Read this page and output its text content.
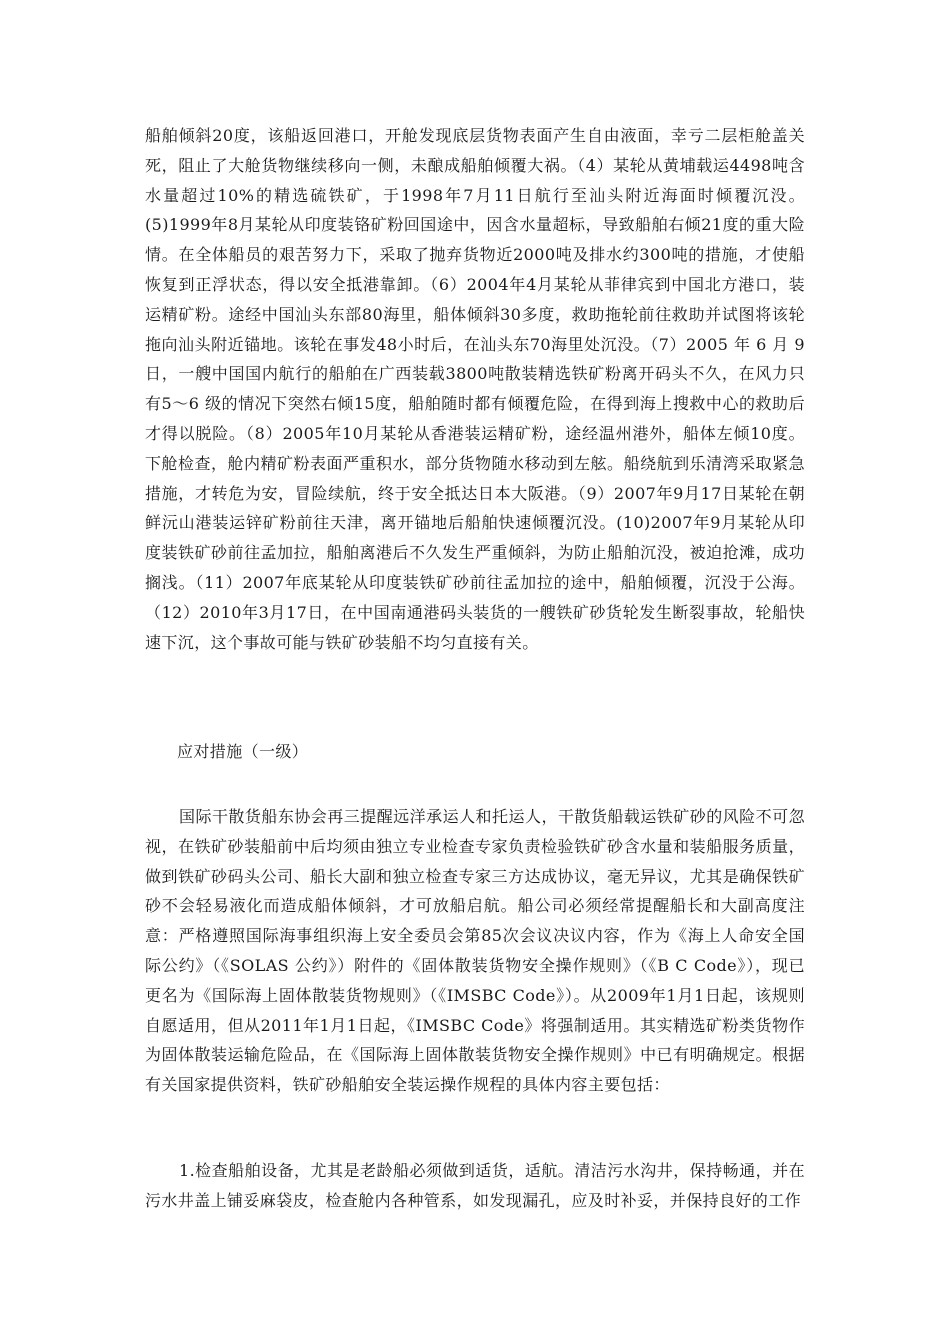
船舶倾斜20度，该船返回港口，开舱发现底层货物表面产生自由液面，幸亏二层柜舱盖关死，阻止了大舱货物继续移向一侧，未酿成船舶倾覆大祸。（4）某轮从黄埔载运4498吨含水量超过10%的精选硫铁矿，于1998年7月11日航行至汕头附近海面时倾覆沉没。(5)1999年8月某轮从印度装铬矿粉回国途中，因含水量超标，导致船舶右倾21度的重大险情。在全体船员的艰苦努力下，采取了抛弃货物近2000吨及排水约300吨的措施，才使船恢复到正浮状态，得以安全抵港靠卸。（6）2004年4月某轮从菲律宾到中国北方港口，装运精矿粉。途经中国汕头东部80海里，船体倾斜30多度，救助拖轮前往救助并试图将该轮拖向汕头附近锚地。该轮在事发48小时后，在汕头东70海里处沉没。（7）2005 年 6 月 9 日，一艘中国国内航行的船舶在广西装载3800吨散装精选铁矿粉离开码头不久，在风力只有5～6 级的情况下突然右倾15度，船舶随时都有倾覆危险，在得到海上搜救中心的救助后才得以脱险。（8）2005年10月某轮从香港装运精矿粉，途经温州港外，船体左倾10度。下舱检查，舱内精矿粉表面严重积水，部分货物随水移动到左舷。船绕航到乐清湾采取紧急措施，才转危为安，冒险续航，终于安全抵达日本大阪港。（9）2007年9月17日某轮在朝鲜沅山港装运锌矿粉前往天津，离开锚地后船舶快速倾覆沉没。(10)2007年9月某轮从印度装铁矿砂前往孟加拉，船舶离港后不久发生严重倾斜，为防止船舶沉没，被迫抢滩，成功搁浅。（11）2007年底某轮从印度装铁矿砂前往孟加拉的途中，船舶倾覆，沉没于公海。（12）2010年3月17日，在中国南通港码头装货的一艘铁矿砂货轮发生断裂事故，轮船快速下沉，这个事故可能与铁矿砂装船不均匀直接有关。

应对措施（一级）

国际干散货船东协会再三提醒远洋承运人和托运人，干散货船载运铁矿砂的风险不可忽视，在铁矿砂装船前中后均须由独立专业检查专家负责检验铁矿砂含水量和装船服务质量，做到铁矿砂码头公司、船长大副和独立检查专家三方达成协议，毫无异议，尤其是确保铁矿砂不会轻易液化而造成船体倾斜，才可放船启航。船公司必须经常提醒船长和大副高度注意：严格遵照国际海事组织海上安全委员会第85次会议决议内容，作为《海上人命安全国际公约》（《SOLAS 公约》）附件的《固体散装货物安全操作规则》（《B C Code》），现已更名为《国际海上固体散装货物规则》（《IMSBC Code》）。从2009年1月1日起，该规则自愿适用，但从2011年1月1日起，《IMSBC Code》将强制适用。其实精选矿粉类货物作为固体散装运输危险品，在《国际海上固体散装货物安全操作规则》中已有明确规定。根据有关国家提供资料，铁矿砂船舶安全装运操作规程的具体内容主要包括：

1.检查船舶设备，尤其是老龄船必须做到适货，适航。清洁污水沟井，保持畅通，并在污水井盖上铺妥麻袋皮，检查舱内各种管系，如发现漏孔，应及时补妥，并保持良好的工作
